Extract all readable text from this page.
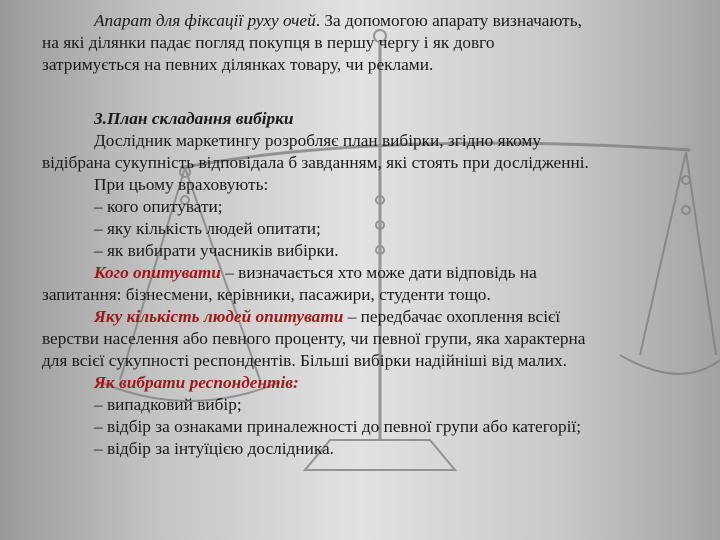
Апарат для фіксації руху очей. За допомогою апарату визначають,

на які ділянки падає погляд покупця в першу чергу і як довго

затримується на певних ділянках товару, чи реклами.

3.План складання вибірки

Дослідник маркетингу розробляє план вибірки, згідно якому

відібрана сукупність відповідала б завданням, які стоять при дослідженні.

При цьому враховують:

– кого опитувати;

– яку кількість людей опитати;

– як вибирати учасників вибірки.

Кого опитувати – визначається хто може дати відповідь на

запитання: бізнесмени, керівники, пасажири, студенти тощо.

Яку кількість людей опитувати – передбачає охоплення всієї

верстви населення або певного проценту, чи певної групи, яка характерна

для всієї сукупності респондентів. Більші вибірки надійніші від малих.

Як вибрати респондентів:

– випадковий вибір;

– відбір за ознаками приналежності до певної групи або категорії;

– відбір за інтуїцією дослідника.
